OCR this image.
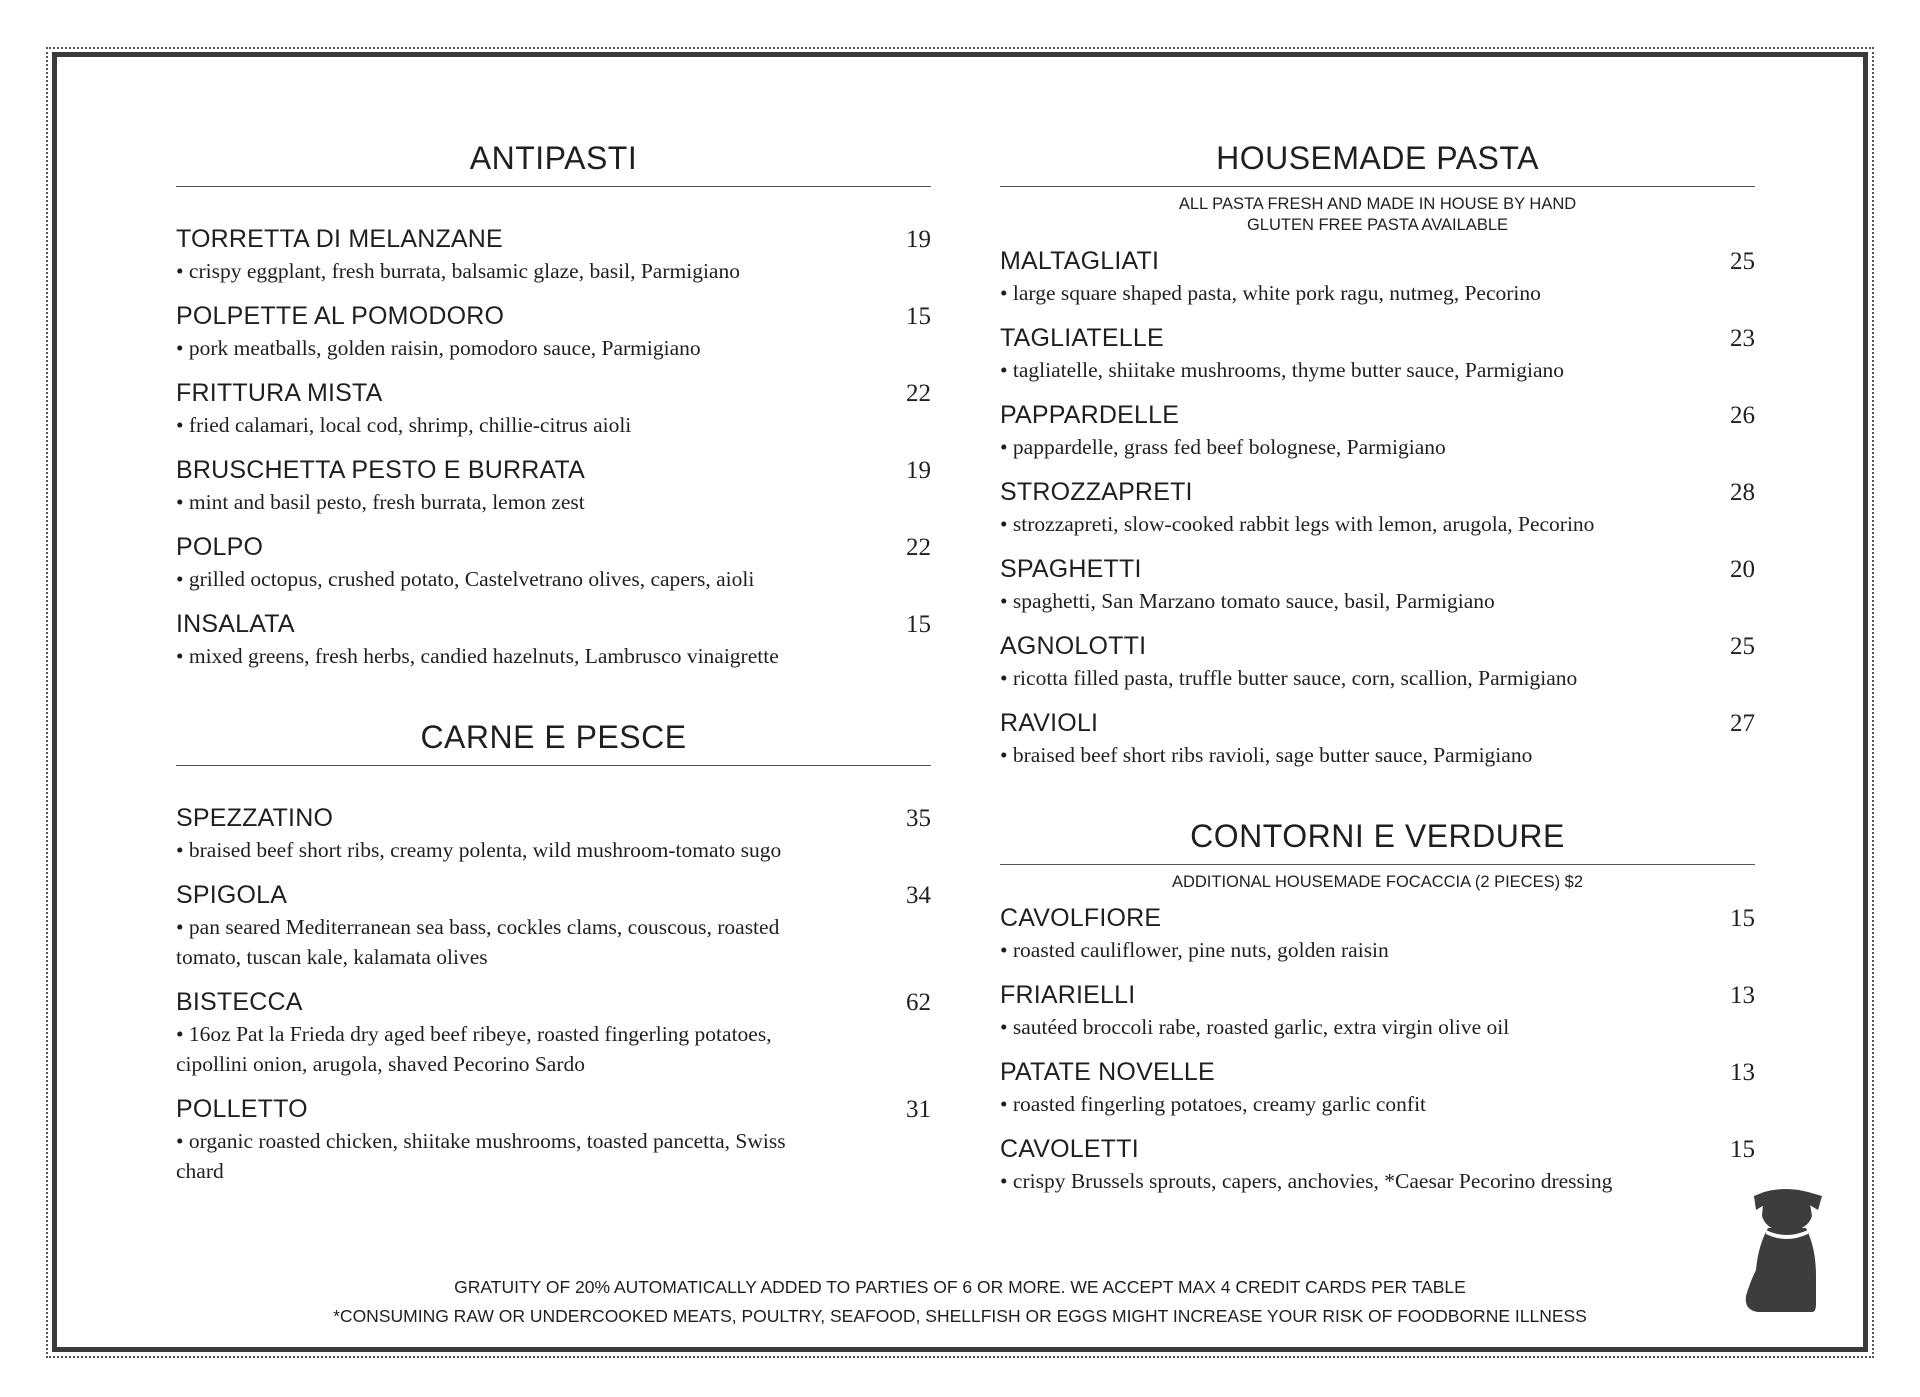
ANTIPASTI
TORRETTA DI MELANZANE	19
• crispy eggplant, fresh burrata, balsamic glaze, basil, Parmigiano
POLPETTE AL POMODORO	15
• pork meatballs, golden raisin, pomodoro sauce, Parmigiano
FRITTURA MISTA	22
• fried calamari, local cod, shrimp, chillie-citrus aioli
BRUSCHETTA PESTO E BURRATA	19
• mint and basil pesto, fresh burrata, lemon zest
POLPO	22
• grilled octopus, crushed potato, Castelvetrano olives, capers, aioli
INSALATA	15
• mixed greens, fresh herbs, candied hazelnuts, Lambrusco vinaigrette
CARNE E PESCE
SPEZZATINO	35
• braised beef short ribs, creamy polenta, wild mushroom-tomato sugo
SPIGOLA	34
• pan seared Mediterranean sea bass, cockles clams, couscous, roasted tomato, tuscan kale, kalamata olives
BISTECCA	62
• 16oz Pat la Frieda dry aged beef ribeye, roasted fingerling potatoes, cipollini onion, arugola, shaved Pecorino Sardo
POLLETTO	31
• organic roasted chicken, shiitake mushrooms, toasted pancetta, Swiss chard
HOUSEMADE PASTA
ALL PASTA FRESH AND MADE IN HOUSE BY HAND
GLUTEN FREE PASTA AVAILABLE
MALTAGLIATI	25
• large square shaped pasta, white pork ragu, nutmeg, Pecorino
TAGLIATELLE	23
• tagliatelle, shiitake mushrooms, thyme butter sauce, Parmigiano
PAPPARDELLE	26
• pappardelle, grass fed beef bolognese, Parmigiano
STROZZAPRETI	28
• strozzapreti, slow-cooked rabbit legs with lemon, arugola, Pecorino
SPAGHETTI	20
• spaghetti, San Marzano tomato sauce, basil, Parmigiano
AGNOLOTTI	25
• ricotta filled pasta, truffle butter sauce, corn, scallion, Parmigiano
RAVIOLI	27
• braised beef short ribs ravioli, sage butter sauce, Parmigiano
CONTORNI E VERDURE
ADDITIONAL HOUSEMADE FOCACCIA (2 PIECES) $2
CAVOLFIORE	15
• roasted cauliflower, pine nuts, golden raisin
FRIARIELLI	13
• sautéed broccoli rabe, roasted garlic, extra virgin olive oil
PATATE NOVELLE	13
• roasted fingerling potatoes, creamy garlic confit
CAVOLETTI	15
• crispy Brussels sprouts, capers, anchovies, *Caesar Pecorino dressing
GRATUITY OF 20% AUTOMATICALLY ADDED TO PARTIES OF 6 OR MORE. WE ACCEPT MAX 4 CREDIT CARDS PER TABLE
*CONSUMING RAW OR UNDERCOOKED MEATS, POULTRY, SEAFOOD, SHELLFISH OR EGGS MIGHT INCREASE YOUR RISK OF FOODBORNE ILLNESS
